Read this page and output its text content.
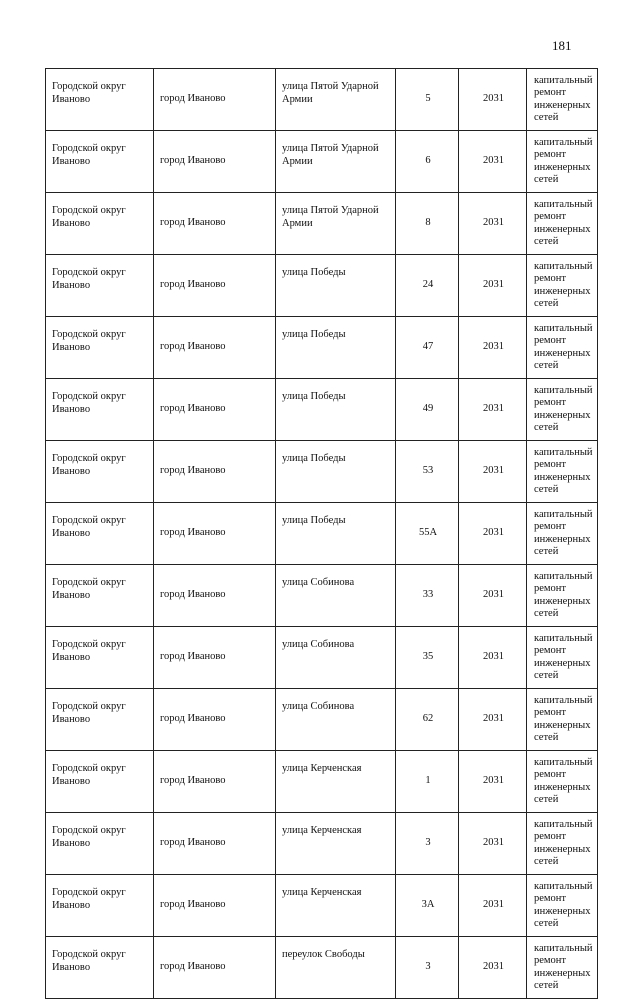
181
Городской округ Иваново	город Иваново	улица Пятой Ударной Армии	5	2031	капитальный ремонт инженерных сетей
Городской округ Иваново	город Иваново	улица Пятой Ударной Армии	6	2031	капитальный ремонт инженерных сетей
Городской округ Иваново	город Иваново	улица Пятой Ударной Армии	8	2031	капитальный ремонт инженерных сетей
Городской округ Иваново	город Иваново	улица Победы	24	2031	капитальный ремонт инженерных сетей
Городской округ Иваново	город Иваново	улица Победы	47	2031	капитальный ремонт инженерных сетей
Городской округ Иваново	город Иваново	улица Победы	49	2031	капитальный ремонт инженерных сетей
Городской округ Иваново	город Иваново	улица Победы	53	2031	капитальный ремонт инженерных сетей
Городской округ Иваново	город Иваново	улица Победы	55А	2031	капитальный ремонт инженерных сетей
Городской округ Иваново	город Иваново	улица Собинова	33	2031	капитальный ремонт инженерных сетей
Городской округ Иваново	город Иваново	улица Собинова	35	2031	капитальный ремонт инженерных сетей
Городской округ Иваново	город Иваново	улица Собинова	62	2031	капитальный ремонт инженерных сетей
Городской округ Иваново	город Иваново	улица Керченская	1	2031	капитальный ремонт инженерных сетей
Городской округ Иваново	город Иваново	улица Керченская	3	2031	капитальный ремонт инженерных сетей
Городской округ Иваново	город Иваново	улица Керченская	3А	2031	капитальный ремонт инженерных сетей
Городской округ Иваново	город Иваново	переулок Свободы	3	2031	капитальный ремонт инженерных сетей
